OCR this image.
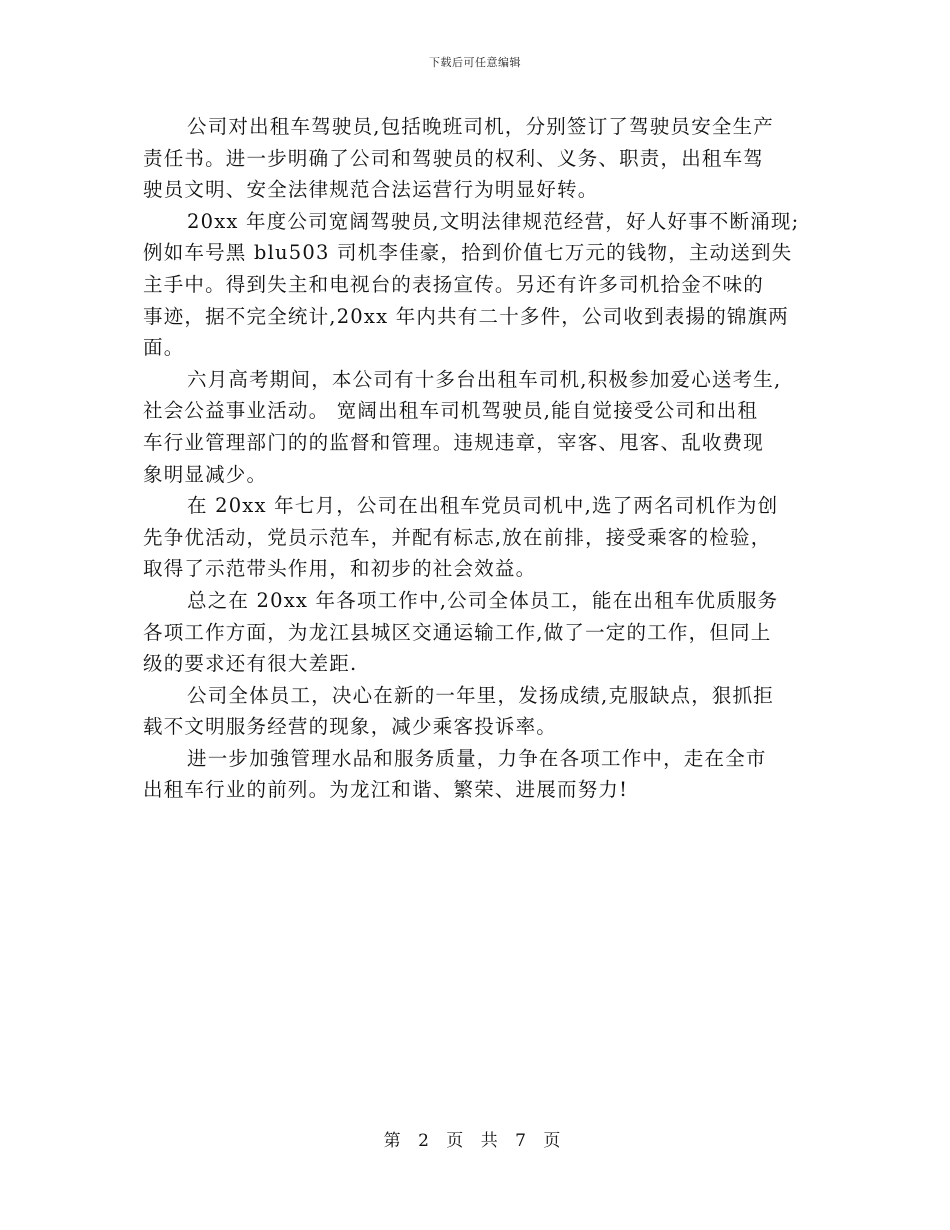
下载后可任意编辑

公司对出租车驾驶员,包括晚班司机，分别签订了驾驶员安全生产
责任书。进一步明确了公司和驾驶员的权利、义务、职责，出租车驾
驶员文明、安全法律规范合法运营行为明显好转。

20xx 年度公司宽阔驾驶员,文明法律规范经营，好人好事不断涌现;
例如车号黑 blu503 司机李佳豪，拾到价值七万元的钱物，主动送到失
主手中。得到失主和电视台的表扬宣传。另还有许多司机拾金不味的
事迹，据不完全统计,20xx 年内共有二十多件，公司收到表揚的锦旗两
面。

六月高考期间，本公司有十多台出租车司机,积极参加爱心送考生,
社会公益事业活动。 宽阔出租车司机驾驶员,能自觉接受公司和出租
车行业管理部门的的监督和管理。违规违章，宰客、甩客、乱收费现
象明显减少。

在 20xx 年七月，公司在出租车党员司机中,选了两名司机作为创
先争优活动，党员示范车，并配有标志,放在前排，接受乘客的检验，
取得了示范带头作用，和初步的社会效益。

总之在 20xx 年各项工作中,公司全体员工，能在出租车优质服务
各项工作方面，为龙江县城区交通运输工作,做了一定的工作，但同上
级的要求还有很大差距.

公司全体员工，决心在新的一年里，发扬成绩,克服缺点，狠抓拒
载不文明服务经营的现象，减少乘客投诉率。

进一步加強管理水品和服务质量，力争在各项工作中，走在全市
出租车行业的前列。为龙江和谐、繁荣、进展而努力!

第 2 页 共 7 页
